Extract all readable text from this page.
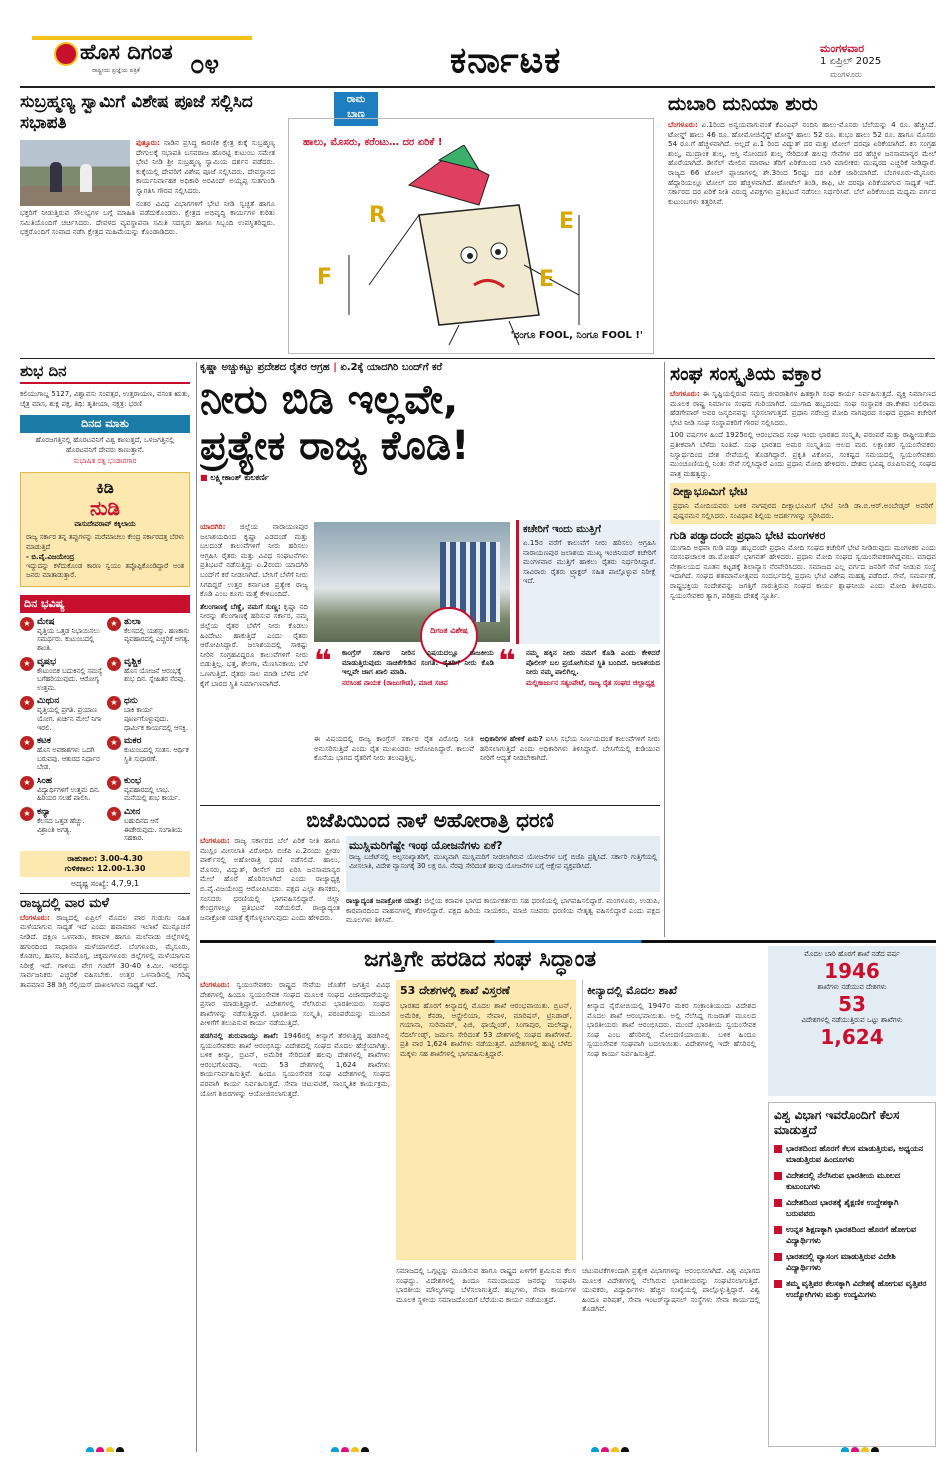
ಹೊಸ ದಿಗಂತ
ರಾಷ್ಟ್ರೀಯ ಪ್ರಜ್ಞೆಯ ಪತ್ರಿಕೆ ೦೪	ಕರ್ನಾಟಕ	ಮಂಗಳವಾರ
1 ಏಪ್ರಿಲ್ 2025
ಮಂಗಳೂರು
ಸುಬ್ರಹ್ಮಣ್ಯ ಸ್ವಾಮಿಗೆ ವಿಶೇಷ ಪೂಜೆ ಸಲ್ಲಿಸಿದ ಸಭಾಪತಿ
ಪುತ್ತೂರು: ನಾಡಿನ ಪ್ರಸಿದ್ಧ ಕಾರಣಿಕ ಕ್ಷೇತ್ರ ಕುಕ್ಕೆ ಸುಬ್ರಹ್ಮಣ್ಯ ದೇಗುಲಕ್ಕೆ ಸಭಾಪತಿ ಬಸವರಾಜ ಹೊರಟ್ಟಿ ಕುಟುಂಬ ಸಮೇತ ಭೇಟಿ ನೀಡಿ ಶ್ರೀ ಸುಬ್ರಹ್ಮಣ್ಯ ಸ್ವಾಮಿಯ ದರ್ಶನ ಪಡೆದರು. ಕುಕ್ಕೆಯಲ್ಲಿ ದೇವರಿಗೆ ವಿಶೇಷ ಪೂಜೆ ಸಲ್ಲಿಸಿದರು. ದೇವಸ್ಥಾನದ ಕಾರ್ಯನಿರ್ವಾಹಕ ಅಧಿಕಾರಿ ಅರವಿಂದ್ ಅಯ್ಯಪ್ಪ ಸುತಗುಂಡಿ ಸ್ವಾಗತಿಸಿ ಗೌರವ ಸಲ್ಲಿಸಿದರು.
ನಂತರ ವಿವಿಧ ವಿಭಾಗಗಳಿಗೆ ಭೇಟಿ ನೀಡಿ ಸ್ವಚ್ಛತೆ ಹಾಗೂ ಭಕ್ತರಿಗೆ ನೀಡುತ್ತಿರುವ ಸೌಲಭ್ಯಗಳ ಬಗ್ಗೆ ಮಾಹಿತಿ ಪಡೆದುಕೊಂಡರು. ಕ್ಷೇತ್ರದ ಅಭಿವೃದ್ಧಿ ಕಾರ್ಯಗಳ ಕುರಿತು ಸಮಿತಿಯೊಂದಿಗೆ ಚರ್ಚಿಸಿದರು. ದೇವಳದ ವ್ಯವಸ್ಥಾಪನಾ ಸಮಿತಿ ಸದಸ್ಯರು ಹಾಗೂ ಸಿಬ್ಬಂದಿ ಉಪಸ್ಥಿತರಿದ್ದರು. ಭಕ್ತರೊಂದಿಗೆ ಸಂವಾದ ನಡೆಸಿ ಕ್ಷೇತ್ರದ ಮಹಿಮೆಯನ್ನು ಕೊಂಡಾಡಿದರು.
ರಾಮ
ಬಾಣ
ಹಾಲು, ಮೊಸರು, ಕರೆಂಟು… ದರ ಏರಿಕೆ !
F
R	E
E
'ನಂಗೂ FOOL, ನಿಂಗೂ FOOL !'
ದುಬಾರಿ ದುನಿಯಾ ಶುರು
ಬೆಂಗಳೂರು: ಏ.1ರಿಂದ ಅನ್ವಯವಾಗುವಂತೆ ಕೆಎಂಎಫ್ ನಂದಿನಿ ಹಾಲು-ಮೊಸರು ಬೆಲೆಯನ್ನು 4 ರೂ. ಹೆಚ್ಚಿಸಿದೆ. ಟೋನ್ಡ್ ಹಾಲು 46 ರೂ. ಹೋಮೋಜಿನೈಸ್ಡ್ ಟೋನ್ಡ್ ಹಾಲು 52 ರೂ. ಶುಭಂ ಹಾಲು 52 ರೂ. ಹಾಗೂ ಮೊಸರು 54 ರೂ.ಗೆ ಹೆಚ್ಚಳವಾಗಿದೆ. ಅಲ್ಲದೆ ಏ.1 ರಿಂದ ವಿದ್ಯುತ್ ದರ ಮತ್ತು ಟೋಲ್ ದರವೂ ಏರಿಕೆಯಾಗಿದೆ. ಕಸ ಸಂಗ್ರಹ ಶುಲ್ಕ, ಮುದ್ರಾಂಕ ಶುಲ್ಕ, ಆಸ್ತಿ ನೋಂದಣಿ ಶುಲ್ಕ ಸೇರಿದಂತೆ ಹಲವು ಸೇವೆಗಳ ದರ ಹೆಚ್ಚಳ ಜನಸಾಮಾನ್ಯರ ಮೇಲೆ ಹೊರೆಯಾಗಿದೆ. ಡೀಸೆಲ್ ಮೇಲಿನ ಮಾರಾಟ ತೆರಿಗೆ ಏರಿಕೆಯಿಂದ ಲಾರಿ ಮಾಲೀಕರು ಮುಷ್ಕರದ ಎಚ್ಚರಿಕೆ ನೀಡಿದ್ದಾರೆ. ರಾಜ್ಯದ 66 ಟೋಲ್ ಪ್ಲಾಜಾಗಳಲ್ಲಿ ಶೇ.3ರಿಂದ 5ರಷ್ಟು ದರ ಏರಿಕೆ ಜಾರಿಯಾಗಿದೆ. ಬೆಂಗಳೂರು-ಮೈಸೂರು ಹೆದ್ದಾರಿಯಲ್ಲೂ ಟೋಲ್ ದರ ಹೆಚ್ಚಳವಾಗಿದೆ. ಹೋಟೆಲ್ ತಿಂಡಿ, ಕಾಫಿ, ಟೀ ದರವೂ ಏರಿಕೆಯಾಗುವ ಸಾಧ್ಯತೆ ಇದೆ. ಸರ್ಕಾರದ ದರ ಏರಿಕೆ ನೀತಿ ವಿರುದ್ಧ ವಿಪಕ್ಷಗಳು ಪ್ರತಿಭಟನೆ ನಡೆಸಲು ನಿರ್ಧರಿಸಿವೆ. ಬೆಲೆ ಏರಿಕೆಯಿಂದ ಮಧ್ಯಮ ವರ್ಗದ ಕುಟುಂಬಗಳು ತತ್ತರಿಸಿವೆ.
ಶುಭ ದಿನ
ಕಲಿಯುಗಾಬ್ದ 5127, ವಿಶ್ವಾವಸು ಸಂವತ್ಸರ, ಉತ್ತರಾಯಣ, ವಸಂತ ಋತು, ಚೈತ್ರ ಮಾಸ, ಶುಕ್ಲ ಪಕ್ಷ, ತಿಥಿ: ತೃತೀಯಾ, ನಕ್ಷತ್ರ: ಭರಣಿ
ದಿನದ ಮಾತು
ಹೊರಜಗತ್ತಿನಲ್ಲಿ ಹೊರಟವನಿಗೆ ವಿಶ್ವ ಕಾಣುತ್ತದೆ, ಒಳಜಗತ್ತಿನಲ್ಲಿ ಹೊರಟವನಿಗೆ ದೇವರು ಕಾಣುತ್ತಾನೆ.
ಸುಭಾಷಿತ ರತ್ನ ಭಂಡಾರಗಾರ
ಕಿಡಿ
ನುಡಿ
ವಾಸುದೇವರಾವ್ ಕಕ್ಕಿಲಾಯ
ರಾಜ್ಯ ಸರ್ಕಾರ ತನ್ನ ತಪ್ಪುಗಳನ್ನು ಮರೆಮಾಚಲು ಕೇಂದ್ರ ಸರ್ಕಾರದತ್ತ ಬೆರಳು ಮಾಡುತ್ತಿದೆ
- ಬಿ.ವೈ.ವಿಜಯೇಂದ್ರ
ಇದ್ದುದನ್ನು ಕಳೆದುಕೊಂಡ ಕಾರಣ ಸ್ವಯಂ ತಪ್ಪೊಪ್ಪಿಕೊಂಡಿದ್ದಾರೆ ಅಂತ ಜನರು ಮಾತಾಡುತ್ತಾರೆ.
ದಿನ ಭವಿಷ್ಯ
★ ಮೇಷ
ವೃತ್ತಿಯ ಒತ್ತಡ ನಿಭಾಯಿಸಲು ಸಮರ್ಥರು. ಕುಟುಂಬದಲ್ಲಿ ಶಾಂತಿ.
★ ತುಲಾ
ಕೆಲಸದಲ್ಲಿ ಯಶಸ್ಸು. ಹಣಕಾಸು ವ್ಯವಹಾರದಲ್ಲಿ ಎಚ್ಚರಿಕೆ ಅಗತ್ಯ.
★ ವೃಷಭ
ಕೌಟುಂಬಿಕ ಬದುಕಿನಲ್ಲಿ ಸಮಸ್ಯೆ ಬಗೆಹರಿಯುವುದು. ಆರೋಗ್ಯ ಉತ್ತಮ.
★ ವೃಶ್ಚಿಕ
ಹೊಸ ಯೋಜನೆ ಆರಂಭಕ್ಕೆ ಶುಭ ದಿನ. ಸ್ನೇಹಿತರ ನೆರವು.
★ ಮಿಥುನ
ವೃತ್ತಿಯಲ್ಲಿ ಪ್ರಗತಿ. ಪ್ರಯಾಣ ಯೋಗ. ಖರ್ಚಿನ ಮೇಲೆ ನಿಗಾ ಇರಲಿ.
★ ಧನು
ಬಾಕಿ ಕಾರ್ಯ ಪೂರ್ಣಗೊಳ್ಳುವುದು. ಧಾರ್ಮಿಕ ಕಾರ್ಯದಲ್ಲಿ ಆಸಕ್ತಿ.
★ ಕಟಕ
ಹೊಸ ಅವಕಾಶಗಳು ಒದಗಿ ಬರುವವು. ಆತುರದ ನಿರ್ಧಾರ ಬೇಡ.
★ ಮಕರ
ಕುಟುಂಬದಲ್ಲಿ ಸಂತಸ. ಆರ್ಥಿಕ ಸ್ಥಿತಿ ಸುಧಾರಣೆ.
★ ಸಿಂಹ
ವಿದ್ಯಾರ್ಥಿಗಳಿಗೆ ಉತ್ತಮ ದಿನ. ಹಿರಿಯರ ಸಲಹೆ ಪಾಲಿಸಿ.
★ ಕುಂಭ
ವ್ಯವಹಾರದಲ್ಲಿ ಲಾಭ. ಮನೆಯಲ್ಲಿ ಶುಭ ಕಾರ್ಯ.
★ ಕನ್ಯಾ
ಕೆಲಸದ ಒತ್ತಡ ಹೆಚ್ಚು. ವಿಶ್ರಾಂತಿ ಅಗತ್ಯ.
★ ಮೀನ
ಬಹುದಿನದ ಆಸೆ ಈಡೇರುವುದು. ಸಂಗಾತಿಯ ಸಹಕಾರ.
ರಾಹುಕಾಲ: 3.00-4.30
ಗುಳಿಕಕಾಲ: 12.00-1.30
ಅದೃಷ್ಟ ಸಂಖ್ಯೆ: 4,7,9,1
ರಾಜ್ಯದಲ್ಲಿ ವಾರ ಮಳೆ
ಬೆಂಗಳೂರು: ರಾಜ್ಯದಲ್ಲಿ ಏಪ್ರಿಲ್ ಮೊದಲ ವಾರ ಗುಡುಗು ಸಹಿತ ಮಳೆಯಾಗುವ ಸಾಧ್ಯತೆ ಇದೆ ಎಂದು ಹವಾಮಾನ ಇಲಾಖೆ ಮುನ್ಸೂಚನೆ ನೀಡಿದೆ. ದಕ್ಷಿಣ ಒಳನಾಡು, ಕರಾವಳಿ ಹಾಗೂ ಮಲೆನಾಡು ಜಿಲ್ಲೆಗಳಲ್ಲಿ ಹಗುರದಿಂದ ಸಾಧಾರಣ ಮಳೆಯಾಗಲಿದೆ. ಬೆಂಗಳೂರು, ಮೈಸೂರು, ಕೊಡಗು, ಹಾಸನ, ಶಿವಮೊಗ್ಗ, ಚಿಕ್ಕಮಗಳೂರು ಜಿಲ್ಲೆಗಳಲ್ಲಿ ಮಳೆಯಾಗುವ ನಿರೀಕ್ಷೆ ಇದೆ. ಗಾಳಿಯ ವೇಗ ಗಂಟೆಗೆ 30-40 ಕಿ.ಮೀ. ಇರಲಿದ್ದು ಸಾರ್ವಜನಿಕರು ಎಚ್ಚರಿಕೆ ವಹಿಸಬೇಕು. ಉತ್ತರ ಒಳನಾಡಿನಲ್ಲಿ ಗರಿಷ್ಠ ತಾಪಮಾನ 38 ಡಿಗ್ರಿ ಸೆಲ್ಸಿಯಸ್ ದಾಖಲಾಗುವ ಸಾಧ್ಯತೆ ಇದೆ.
ಕೃಷ್ಣಾ ಅಚ್ಚುಕಟ್ಟು ಪ್ರದೇಶದ ರೈತರ ಆಗ್ರಹ | ಏ.2ಕ್ಕೆ ಯಾದಗಿರಿ ಬಂದ್‌ಗೆ ಕರೆ
ನೀರು ಬಿಡಿ ಇಲ್ಲವೇ,
ಪ್ರತ್ಯೇಕ ರಾಜ್ಯ ಕೊಡಿ!
■ ಲಕ್ಷ್ಮೀಕಾಂತ್ ಕುಲಕರ್ಣಿ
ಯಾದಗಿರಿ: ಜಿಲ್ಲೆಯ ನಾರಾಯಣಪುರ ಜಲಾಶಯದಿಂದ ಕೃಷ್ಣಾ ಎಡದಂಡೆ ಮತ್ತು ಬಲದಂಡೆ ಕಾಲುವೆಗಳಿಗೆ ನೀರು ಹರಿಸಲು ಆಗ್ರಹಿಸಿ ರೈತರು ಮತ್ತು ವಿವಿಧ ಸಂಘಟನೆಗಳು ಪ್ರತಿಭಟನೆ ನಡೆಸುತ್ತಿದ್ದು ಏ.2ರಂದು ಯಾದಗಿರಿ ಬಂದ್‌ಗೆ ಕರೆ ನೀಡಲಾಗಿದೆ. ಬೇಸಿಗೆ ಬೆಳೆಗೆ ನೀರು ಸಿಗದಿದ್ದರೆ ಉತ್ತರ ಕರ್ನಾಟಕ ಪ್ರತ್ಯೇಕ ರಾಜ್ಯ ಕೊಡಿ ಎಂಬ ಕೂಗು ಮತ್ತೆ ಕೇಳಿಬಂದಿದೆ.
ತೆಲಂಗಾಣಕ್ಕೆ ಬೆಣ್ಣೆ, ನಮಗೆ ಸುಣ್ಣ: ಕೃಷ್ಣಾ ನದಿ ನೀರನ್ನು ತೆಲಂಗಾಣಕ್ಕೆ ಹರಿಸುವ ಸರ್ಕಾರ, ನಮ್ಮ ಜಿಲ್ಲೆಯ ರೈತರ ಬೆಳೆಗೆ ನೀರು ಕೊಡಲು ಹಿಂದೇಟು ಹಾಕುತ್ತಿದೆ ಎಂದು ರೈತರು ಆರೋಪಿಸಿದ್ದಾರೆ. ಜಲಾಶಯದಲ್ಲಿ ಸಾಕಷ್ಟು ನೀರಿನ ಸಂಗ್ರಹವಿದ್ದರೂ ಕಾಲುವೆಗಳಿಗೆ ನೀರು ಬಿಡುತ್ತಿಲ್ಲ. ಭತ್ತ, ಶೇಂಗಾ, ಮೆಣಸಿನಕಾಯಿ ಬೆಳೆ ಒಣಗುತ್ತಿದೆ. ರೈತರು ಸಾಲ ಮಾಡಿ ಬೆಳೆದ ಬೆಳೆ ಕೈಗೆ ಬಾರದ ಸ್ಥಿತಿ ನಿರ್ಮಾಣವಾಗಿದೆ.
ದಿಗಂತ ವಿಶೇಷ
ಕಚೇರಿಗೆ ಇಂದು ಮುತ್ತಿಗೆ
ಏ.15ರ ವರೆಗೆ ಕಾಲುವೆಗೆ ನೀರು ಹರಿಸಲು ಆಗ್ರಹಿಸಿ ನಾರಾಯಣಪುರ ಜಲಾಶಯ ಮುಖ್ಯ ಇಂಜಿನಿಯರ್ ಕಚೇರಿಗೆ ಮಂಗಳವಾರ ಮುತ್ತಿಗೆ ಹಾಕಲು ರೈತರು ನಿರ್ಧರಿಸಿದ್ದಾರೆ. ಸಾವಿರಾರು ರೈತರು ಟ್ರ್ಯಾಕ್ಟರ್ ಸಹಿತ ಪಾಲ್ಗೊಳ್ಳುವ ನಿರೀಕ್ಷೆ ಇದೆ.
❝ ಕಾಂಗ್ರೆಸ್ ಸರ್ಕಾರ ನೀರಿನ ವಿಷಯದಲ್ಲೂ ರಾಜಕೀಯ ಮಾಡುತ್ತಿರುವುದು ನಾಚಿಕೆಗೇಡಿನ ಸಂಗತಿ. ರೈತರಿಗೆ ನೀರು ಕೊಡಿ ಇಲ್ಲವೇ ಜಾಗ ಖಾಲಿ ಮಾಡಿ.
ನರಸಿಂಹ ನಾಯಕ (ರಾಜುಗೌಡ), ಮಾಜಿ ಸಚಿವ
❝ ನಮ್ಮ ಹಕ್ಕಿನ ನೀರು ನಮಗೆ ಕೊಡಿ ಎಂದು ಕೇಳಿದರೆ ಪೊಲೀಸ್ ಬಲ ಪ್ರಯೋಗಿಸುವ ಸ್ಥಿತಿ ಬಂದಿದೆ. ಜಲಾಶಯದ ನೀರು ನಮ್ಮ ಪಾಲಿಗಿಲ್ಲ.
ಮಲ್ಲಿಕಾರ್ಜುನ ಸತ್ಯಂಪೇಟೆ, ರಾಜ್ಯ ರೈತ ಸಂಘದ ಜಿಲ್ಲಾಧ್ಯಕ್ಷ
ಈ ವಿಷಯದಲ್ಲಿ ರಾಜ್ಯ ಕಾಂಗ್ರೆಸ್ ಸರ್ಕಾರ ರೈತ ವಿರೋಧಿ ನೀತಿ ಅನುಸರಿಸುತ್ತಿದೆ ಎಂದು ರೈತ ಮುಖಂಡರು ಆರೋಪಿಸಿದ್ದಾರೆ. ಕಾಲುವೆ ಕೊನೆಯ ಭಾಗದ ರೈತರಿಗೆ ನೀರು ತಲುಪುತ್ತಿಲ್ಲ.
ಅಧಿಕಾರಿಗಳ ಹೇಳಿಕೆ ಏನು? ಐಸಿಸಿ ಸಭೆಯ ನಿರ್ಣಯದಂತೆ ಕಾಲುವೆಗಳಿಗೆ ನೀರು ಹರಿಸಲಾಗುತ್ತಿದೆ ಎಂದು ಅಧಿಕಾರಿಗಳು ತಿಳಿಸಿದ್ದಾರೆ. ಬೇಸಿಗೆಯಲ್ಲಿ ಕುಡಿಯುವ ನೀರಿಗೆ ಆದ್ಯತೆ ನೀಡಬೇಕಾಗಿದೆ.
ಬಿಜೆಪಿಯಿಂದ ನಾಳೆ ಅಹೋರಾತ್ರಿ ಧರಣಿ
ಬೆಂಗಳೂರು: ರಾಜ್ಯ ಸರ್ಕಾರದ ಬೆಲೆ ಏರಿಕೆ ನೀತಿ ಹಾಗೂ ಮುಸ್ಲಿಂ ಮೀಸಲಾತಿ ವಿರೋಧಿಸಿ ಬಿಜೆಪಿ ಏ.2ರಂದು ಫ್ರೀಡಂ ಪಾರ್ಕ್‌ನಲ್ಲಿ ಅಹೋರಾತ್ರಿ ಧರಣಿ ನಡೆಸಲಿದೆ. ಹಾಲು, ಮೊಸರು, ವಿದ್ಯುತ್, ಡೀಸೆಲ್ ದರ ಏರಿಸಿ ಜನಸಾಮಾನ್ಯರ ಮೇಲೆ ಹೊರೆ ಹೊರಿಸಲಾಗಿದೆ ಎಂದು ರಾಜ್ಯಾಧ್ಯಕ್ಷ ಬಿ.ವೈ.ವಿಜಯೇಂದ್ರ ಆರೋಪಿಸಿದರು. ಪಕ್ಷದ ಎಲ್ಲಾ ಶಾಸಕರು, ಸಂಸದರು ಧರಣಿಯಲ್ಲಿ ಭಾಗವಹಿಸಲಿದ್ದಾರೆ. ಜಿಲ್ಲಾ ಕೇಂದ್ರಗಳಲ್ಲೂ ಪ್ರತಿಭಟನೆ ನಡೆಯಲಿದೆ. ರಾಜ್ಯಾದ್ಯಂತ ಜನಾಕ್ರೋಶ ಯಾತ್ರೆ ಕೈಗೊಳ್ಳಲಾಗುವುದು ಎಂದು ಹೇಳಿದರು.
ಮುಸ್ಲಿಮರಿಗೆಷ್ಟೇ ಇಂಥ ಯೋಜನೆಗಳು ಏಕೆ?
ರಾಜ್ಯ ಬಜೆಟ್‌ನಲ್ಲಿ ಅಲ್ಪಸಂಖ್ಯಾತರಿಗೆ, ಮುಖ್ಯವಾಗಿ ಮುಸ್ಲಿಮರಿಗೆ ನೀಡಲಾಗಿರುವ ಯೋಜನೆಗಳ ಬಗ್ಗೆ ಬಿಜೆಪಿ ಪ್ರಶ್ನಿಸಿದೆ. ಸರ್ಕಾರಿ ಗುತ್ತಿಗೆಯಲ್ಲಿ ಮೀಸಲಾತಿ, ವಿದೇಶ ವ್ಯಾಸಂಗಕ್ಕೆ 30 ಲಕ್ಷ ರೂ. ನೆರವು ಸೇರಿದಂತೆ ಹಲವು ಯೋಜನೆಗಳ ಬಗ್ಗೆ ಆಕ್ಷೇಪ ವ್ಯಕ್ತಪಡಿಸಿದೆ.
ರಾಜ್ಯಾದ್ಯಂತ ಜನಾಕ್ರೋಶ ಯಾತ್ರೆ: ಜಿಲ್ಲೆಯ ಕರಾವಳಿ ಭಾಗದ ಕಾರ್ಯಕರ್ತರು ಸಹ ಧರಣಿಯಲ್ಲಿ ಭಾಗವಹಿಸಲಿದ್ದಾರೆ. ಮಂಗಳೂರು, ಉಡುಪಿ, ಕಾರವಾರದಿಂದ ವಾಹನಗಳಲ್ಲಿ ತೆರಳಲಿದ್ದಾರೆ. ಪಕ್ಷದ ಹಿರಿಯ ನಾಯಕರು, ಮಾಜಿ ಸಚಿವರು ಧರಣಿಯ ನೇತೃತ್ವ ವಹಿಸಲಿದ್ದಾರೆ ಎಂದು ಪಕ್ಷದ ಮೂಲಗಳು ತಿಳಿಸಿವೆ.
ಸಂಘ ಸಂಸ್ಕೃತಿಯ ವಕ್ತಾರ
ಬೆಂಗಳೂರು: ಈ ಸೃಷ್ಟಿಯಲ್ಲಿರುವ ಸಮಸ್ತ ಜೀವರಾಶಿಗಳ ಹಿತಕ್ಕಾಗಿ ಸಂಘ ಕಾರ್ಯ ನಿರ್ವಹಿಸುತ್ತದೆ. ವ್ಯಕ್ತಿ ನಿರ್ಮಾಣದ ಮೂಲಕ ರಾಷ್ಟ್ರ ನಿರ್ಮಾಣ ಸಂಘದ ಗುರಿಯಾಗಿದೆ. ಯುಗಾದಿ ಹಬ್ಬದಂದು ಸಂಘ ಸಂಸ್ಥಾಪಕ ಡಾ.ಕೇಶವ ಬಲಿರಾಮ ಹೆಡಗೇವಾರ್ ಅವರ ಜನ್ಮದಿನವನ್ನು ಸ್ಮರಿಸಲಾಗುತ್ತದೆ. ಪ್ರಧಾನಿ ನರೇಂದ್ರ ಮೋದಿ ನಾಗಪುರದ ಸಂಘದ ಪ್ರಧಾನ ಕಚೇರಿಗೆ ಭೇಟಿ ನೀಡಿ ಸಂಘ ಸಂಸ್ಥಾಪಕರಿಗೆ ಗೌರವ ಸಲ್ಲಿಸಿದರು.
100 ವರ್ಷಗಳ ಹಿಂದೆ 1925ರಲ್ಲಿ ಆರಂಭವಾದ ಸಂಘ ಇಂದು ಭಾರತದ ಸಂಸ್ಕೃತಿ, ಪರಂಪರೆ ಮತ್ತು ರಾಷ್ಟ್ರೀಯತೆಯ ಪ್ರತೀಕವಾಗಿ ಬೆಳೆದು ನಿಂತಿದೆ. ಸಂಘ ಭಾರತದ ಅಮರ ಸಂಸ್ಕೃತಿಯ ಆಲದ ಮರ. ಲಕ್ಷಾಂತರ ಸ್ವಯಂಸೇವಕರು ನಿಸ್ವಾರ್ಥದಿಂದ ದೇಶ ಸೇವೆಯಲ್ಲಿ ತೊಡಗಿದ್ದಾರೆ. ಪ್ರಕೃತಿ ವಿಕೋಪ, ಸಂಕಷ್ಟದ ಸಮಯದಲ್ಲಿ ಸ್ವಯಂಸೇವಕರು ಮುಂಚೂಣಿಯಲ್ಲಿ ನಿಂತು ಸೇವೆ ಸಲ್ಲಿಸಿದ್ದಾರೆ ಎಂದು ಪ್ರಧಾನಿ ಮೋದಿ ಹೇಳಿದರು. ದೇಶದ ಭವಿಷ್ಯ ರೂಪಿಸುವಲ್ಲಿ ಸಂಘದ ಪಾತ್ರ ಮಹತ್ವದ್ದು.
ದೀಕ್ಷಾಭೂಮಿಗೆ ಭೇಟಿ
ಪ್ರಧಾನಿ ಮೋದಿಯವರು ಬಳಿಕ ನಾಗಪುರದ ದೀಕ್ಷಾಭೂಮಿಗೆ ಭೇಟಿ ನೀಡಿ ಡಾ.ಬಿ.ಆರ್.ಅಂಬೇಡ್ಕರ್ ಅವರಿಗೆ ಪುಷ್ಪನಮನ ಸಲ್ಲಿಸಿದರು. ಸಂವಿಧಾನ ಶಿಲ್ಪಿಯ ಆದರ್ಶಗಳನ್ನು ಸ್ಮರಿಸಿದರು.
ಗುಡಿ ಪಡ್ವಾದಂದೇ ಪ್ರಧಾನಿ ಭೇಟಿ ಮಂಗಳಕರ
ಯುಗಾದಿ ಅಥವಾ ಗುಡಿ ಪಡ್ವಾ ಹಬ್ಬದಂದೇ ಪ್ರಧಾನಿ ಮೋದಿ ಸಂಘದ ಕಚೇರಿಗೆ ಭೇಟಿ ನೀಡಿರುವುದು ಮಂಗಳಕರ ಎಂದು ಸರಸಂಘಚಾಲಕ ಡಾ.ಮೋಹನ್ ಭಾಗವತ್ ಹೇಳಿದರು. ಪ್ರಧಾನಿ ಮೋದಿ ಸಂಘದ ಸ್ವಯಂಸೇವಕರಾಗಿದ್ದವರು. ಮಾಧವ ನೇತ್ರಾಲಯದ ನೂತನ ಕಟ್ಟಡಕ್ಕೆ ಶಿಲಾನ್ಯಾಸ ನೆರವೇರಿಸಿದರು. ಸಮಾಜದ ಎಲ್ಲ ವರ್ಗದ ಜನರಿಗೆ ಸೇವೆ ನೀಡುವ ಸಂಸ್ಥೆ ಇದಾಗಿದೆ. ಸಂಘದ ಶತಮಾನೋತ್ಸವದ ಸಂದರ್ಭದಲ್ಲಿ ಪ್ರಧಾನಿ ಭೇಟಿ ವಿಶೇಷ ಮಹತ್ವ ಪಡೆದಿದೆ. ಸೇವೆ, ಸಮರ್ಪಣೆ, ರಾಷ್ಟ್ರಭಕ್ತಿಯ ಸಂದೇಶವನ್ನು ಜಗತ್ತಿಗೆ ಸಾರುತ್ತಿರುವ ಸಂಘದ ಕಾರ್ಯ ಶ್ಲಾಘನೀಯ ಎಂದು ಮೋದಿ ತಿಳಿಸಿದರು. ಸ್ವಯಂಸೇವಕರ ತ್ಯಾಗ, ಪರಿಶ್ರಮ ದೇಶಕ್ಕೆ ಸ್ಫೂರ್ತಿ.
ಜಗತ್ತಿಗೇ ಹರಡಿದ ಸಂಘ ಸಿದ್ಧಾಂತ
ಬೆಂಗಳೂರು: ಸ್ವಯಂಸೇವಕರು ರಾಷ್ಟ್ರದ ಸೇವೆಯ ಜೊತೆಗೆ ಜಗತ್ತಿನ ವಿವಿಧ ದೇಶಗಳಲ್ಲಿ ಹಿಂದೂ ಸ್ವಯಂಸೇವಕ ಸಂಘದ ಮೂಲಕ ಸಂಘದ ವಿಚಾರಧಾರೆಯನ್ನು ಪ್ರಸಾರ ಮಾಡುತ್ತಿದ್ದಾರೆ. ವಿದೇಶಗಳಲ್ಲಿ ನೆಲೆಸಿರುವ ಭಾರತೀಯರು ಸಂಘದ ಶಾಖೆಗಳನ್ನು ನಡೆಸುತ್ತಿದ್ದಾರೆ. ಭಾರತೀಯ ಸಂಸ್ಕೃತಿ, ಪರಂಪರೆಯನ್ನು ಮುಂದಿನ ಪೀಳಿಗೆಗೆ ತಲುಪಿಸುವ ಕಾರ್ಯ ನಡೆಯುತ್ತಿದೆ.
ಹಡಗಿನಲ್ಲಿ ಶುರುವಾಯ್ತು ಶಾಖೆ: 1946ರಲ್ಲಿ ಕೀನ್ಯಾಗೆ ತೆರಳುತ್ತಿದ್ದ ಹಡಗಿನಲ್ಲಿ ಸ್ವಯಂಸೇವಕರು ಶಾಖೆ ಆರಂಭಿಸಿದ್ದು ವಿದೇಶದಲ್ಲಿ ಸಂಘದ ಮೊದಲ ಹೆಜ್ಜೆಯಾಗಿತ್ತು. ಬಳಿಕ ಕೀನ್ಯಾ, ಬ್ರಿಟನ್, ಅಮೆರಿಕ ಸೇರಿದಂತೆ ಹಲವು ದೇಶಗಳಲ್ಲಿ ಶಾಖೆಗಳು ಆರಂಭಗೊಂಡವು. ಇಂದು 53 ದೇಶಗಳಲ್ಲಿ 1,624 ಶಾಖೆಗಳು ಕಾರ್ಯನಿರ್ವಹಿಸುತ್ತಿವೆ. ಹಿಂದೂ ಸ್ವಯಂಸೇವಕ ಸಂಘ ವಿದೇಶಗಳಲ್ಲಿ ಸಂಘದ ಪರವಾಗಿ ಕಾರ್ಯ ನಿರ್ವಹಿಸುತ್ತದೆ. ಸೇವಾ ಚಟುವಟಿಕೆ, ಸಾಂಸ್ಕೃತಿಕ ಕಾರ್ಯಕ್ರಮ, ಯೋಗ ಶಿಬಿರಗಳನ್ನು ಆಯೋಜಿಸಲಾಗುತ್ತದೆ.
53 ದೇಶಗಳಲ್ಲಿ ಶಾಖೆ ವಿಸ್ತರಣೆ
ಭಾರತದ ಹೊರಗೆ ಕೀನ್ಯಾದಲ್ಲಿ ಮೊದಲ ಶಾಖೆ ಆರಂಭವಾಯಿತು. ಬ್ರಿಟನ್, ಅಮೆರಿಕ, ಕೆನಡಾ, ಆಸ್ಟ್ರೇಲಿಯಾ, ನೇಪಾಳ, ಮಾರಿಷಸ್, ಟ್ರಿನಿಡಾಡ್, ಗಯಾನಾ, ಸುರಿನಾಮ್, ಫಿಜಿ, ಥಾಯ್ಲೆಂಡ್, ಸಿಂಗಾಪುರ, ಮಲೇಷ್ಯಾ, ನೆದರ್ಲೆಂಡ್ಸ್, ಜರ್ಮನಿ ಸೇರಿದಂತೆ 53 ದೇಶಗಳಲ್ಲಿ ಸಂಘದ ಶಾಖೆಗಳಿವೆ. ಪ್ರತಿ ವಾರ 1,624 ಶಾಖೆಗಳು ನಡೆಯುತ್ತವೆ. ವಿದೇಶಗಳಲ್ಲಿ ಹುಟ್ಟಿ ಬೆಳೆದ ಮಕ್ಕಳು ಸಹ ಶಾಖೆಗಳಲ್ಲಿ ಭಾಗವಹಿಸುತ್ತಿದ್ದಾರೆ.
ಕೀನ್ಯಾದಲ್ಲಿ ಮೊದಲ ಶಾಖೆ
ಕೀನ್ಯಾದ ನೈರೋಬಿಯಲ್ಲಿ 1947ರ ಮಕರ ಸಂಕ್ರಾಂತಿಯಂದು ವಿದೇಶದ ಮೊದಲ ಶಾಖೆ ಆರಂಭವಾಯಿತು. ಅಲ್ಲಿ ನೆಲೆಸಿದ್ದ ಗುಜರಾತ್ ಮೂಲದ ಭಾರತೀಯರು ಶಾಖೆ ಆರಂಭಿಸಿದರು. ಮುಂದೆ ಭಾರತೀಯ ಸ್ವಯಂಸೇವಕ ಸಂಘ ಎಂಬ ಹೆಸರಿನಲ್ಲಿ ನೋಂದಣಿಯಾಯಿತು. ಬಳಿಕ ಹಿಂದೂ ಸ್ವಯಂಸೇವಕ ಸಂಘವಾಗಿ ಬದಲಾಯಿತು. ವಿದೇಶಗಳಲ್ಲಿ ಇದೇ ಹೆಸರಿನಲ್ಲಿ ಸಂಘ ಕಾರ್ಯ ನಿರ್ವಹಿಸುತ್ತಿದೆ.
ಸಮಾಜದಲ್ಲಿ ಒಗ್ಗಟ್ಟನ್ನು ಮೂಡಿಸುವ ಹಾಗೂ ರಾಷ್ಟ್ರದ ಏಳಿಗೆಗೆ ಶ್ರಮಿಸುವ ಕೆಲಸ ಸಂಘದ್ದು. ವಿದೇಶಗಳಲ್ಲಿ ಹಿಂದೂ ಸಮುದಾಯದ ಜನರನ್ನು ಸಂಘಟಿಸಿ ಭಾರತೀಯ ಮೌಲ್ಯಗಳನ್ನು ಬೆಳೆಸಲಾಗುತ್ತಿದೆ. ಹಬ್ಬಗಳು, ಸೇವಾ ಕಾರ್ಯಗಳ ಮೂಲಕ ಸ್ಥಳೀಯ ಸಮಾಜದೊಂದಿಗೆ ಬೆರೆಯುವ ಕಾರ್ಯ ನಡೆಯುತ್ತದೆ.
ಚಟುವಟಿಕೆಗಳಿಂದಾಗಿ ಪ್ರತ್ಯೇಕ ವಿಭಾಗಗಳನ್ನು ಆರಂಭಿಸಲಾಗಿದೆ. ವಿಶ್ವ ವಿಭಾಗದ ಮೂಲಕ ವಿದೇಶಗಳಲ್ಲಿ ನೆಲೆಸಿರುವ ಭಾರತೀಯರನ್ನು ಸಂಘಟಿಸಲಾಗುತ್ತಿದೆ. ಯುವಕರು, ವಿದ್ಯಾರ್ಥಿಗಳು ಹೆಚ್ಚಿನ ಸಂಖ್ಯೆಯಲ್ಲಿ ಪಾಲ್ಗೊಳ್ಳುತ್ತಿದ್ದಾರೆ. ವಿಶ್ವ ಹಿಂದೂ ಪರಿಷತ್, ಸೇವಾ ಇಂಟರ್‌ನ್ಯಾಷನಲ್ ಸಂಸ್ಥೆಗಳು ಸೇವಾ ಕಾರ್ಯದಲ್ಲಿ ತೊಡಗಿವೆ.
ಮೊದಲ ಬಾರಿ ಹೊರಗೆ ಶಾಖೆ ನಡೆದ ವರ್ಷ
1946
ಶಾಖೆಗಳು ನಡೆಯುವ ದೇಶಗಳು
53
ವಿದೇಶಗಳಲ್ಲಿ ನಡೆಯುತ್ತಿರುವ ಒಟ್ಟು ಶಾಖೆಗಳು
1,624
ವಿಶ್ವ ವಿಭಾಗ ಇವರೊಂದಿಗೆ ಕೆಲಸ ಮಾಡುತ್ತದೆ
ಭಾರತದಿಂದ ಹೊರಗೆ ಕೆಲಸ ಮಾಡುತ್ತಿರುವ, ಅಧ್ಯಯನ ಮಾಡುತ್ತಿರುವ ಹಿಂದೂಗಳು
ವಿದೇಶದಲ್ಲಿ ನೆಲೆಸಿರುವ ಭಾರತೀಯ ಮೂಲದ ಕುಟುಂಬಗಳು
ವಿದೇಶದಿಂದ ಭಾರತಕ್ಕೆ ಶೈಕ್ಷಣಿಕ ಉದ್ದೇಶಕ್ಕಾಗಿ ಬರುವವರು
ಉನ್ನತ ಶಿಕ್ಷಣಕ್ಕಾಗಿ ಭಾರತದಿಂದ ಹೊರಗೆ ಹೋಗುವ ವಿದ್ಯಾರ್ಥಿಗಳು
ಭಾರತದಲ್ಲಿ ವ್ಯಾಸಂಗ ಮಾಡುತ್ತಿರುವ ವಿದೇಶಿ ವಿದ್ಯಾರ್ಥಿಗಳು
ತಮ್ಮ ವೃತ್ತಿಪರ ಕೆಲಸಕ್ಕಾಗಿ ವಿದೇಶಕ್ಕೆ ಹೋಗುವ ವೃತ್ತಿಪರ ಉದ್ಯೋಗಿಗಳು ಮತ್ತು ಉದ್ಯಮಿಗಳು
